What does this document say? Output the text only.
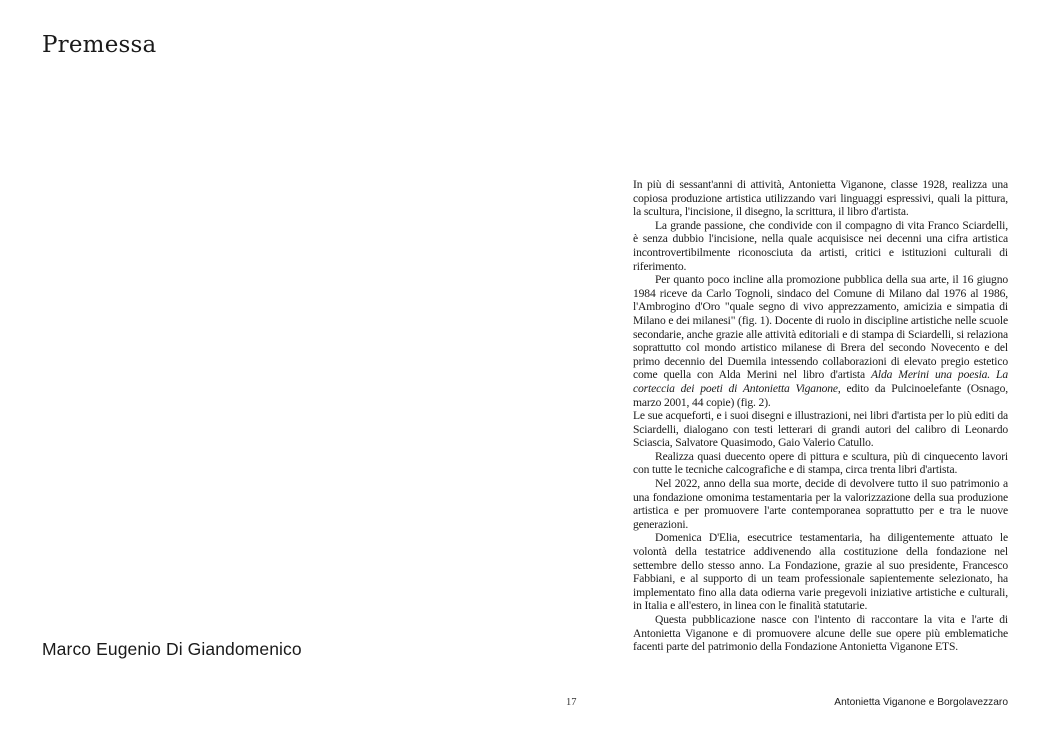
Premessa

In più di sessant'anni di attività, Antonietta Viganone, classe 1928, realizza una copiosa produzione artistica utilizzando vari linguaggi espressivi, quali la pittura, la scultura, l'incisione, il disegno, la scrittura, il libro d'artista.

La grande passione, che condivide con il compagno di vita Franco Sciardelli, è senza dubbio l'incisione, nella quale acquisisce nei decenni una cifra artistica incontrovertibilmente riconosciuta da artisti, critici e istituzioni culturali di riferimento.

Per quanto poco incline alla promozione pubblica della sua arte, il 16 giugno 1984 riceve da Carlo Tognoli, sindaco del Comune di Milano dal 1976 al 1986, l'Ambrogino d'Oro "quale segno di vivo apprezzamento, amicizia e simpatia di Milano e dei milanesi" (fig. 1). Docente di ruolo in discipline artistiche nelle scuole secondarie, anche grazie alle attività editoriali e di stampa di Sciardelli, si relaziona soprattutto col mondo artistico milanese di Brera del secondo Novecento e del primo decennio del Duemila intessendo collaborazioni di elevato pregio estetico come quella con Alda Merini nel libro d'artista Alda Merini una poesia. La corteccia dei poeti di Antonietta Viganone, edito da Pulcinoelefante (Osnago, marzo 2001, 44 copie) (fig. 2).

Le sue acqueforti, e i suoi disegni e illustrazioni, nei libri d'artista per lo più editi da Sciardelli, dialogano con testi letterari di grandi autori del calibro di Leonardo Sciascia, Salvatore Quasimodo, Gaio Valerio Catullo.

Realizza quasi duecento opere di pittura e scultura, più di cinquecento lavori con tutte le tecniche calcografiche e di stampa, circa trenta libri d'artista.

Nel 2022, anno della sua morte, decide di devolvere tutto il suo patrimonio a una fondazione omonima testamentaria per la valorizzazione della sua produzione artistica e per promuovere l'arte contemporanea soprattutto per e tra le nuove generazioni.

Domenica D'Elia, esecutrice testamentaria, ha diligentemente attuato le volontà della testatrice addivenendo alla costituzione della fondazione nel settembre dello stesso anno. La Fondazione, grazie al suo presidente, Francesco Fabbiani, e al supporto di un team professionale sapientemente selezionato, ha implementato fino alla data odierna varie pregevoli iniziative artistiche e culturali, in Italia e all'estero, in linea con le finalità statutarie.

Questa pubblicazione nasce con l'intento di raccontare la vita e l'arte di Antonietta Viganone e di promuovere alcune delle sue opere più emblematiche facenti parte del patrimonio della Fondazione Antonietta Viganone ETS.

Marco Eugenio Di Giandomenico
17	Antonietta Viganone e Borgolavezzaro
